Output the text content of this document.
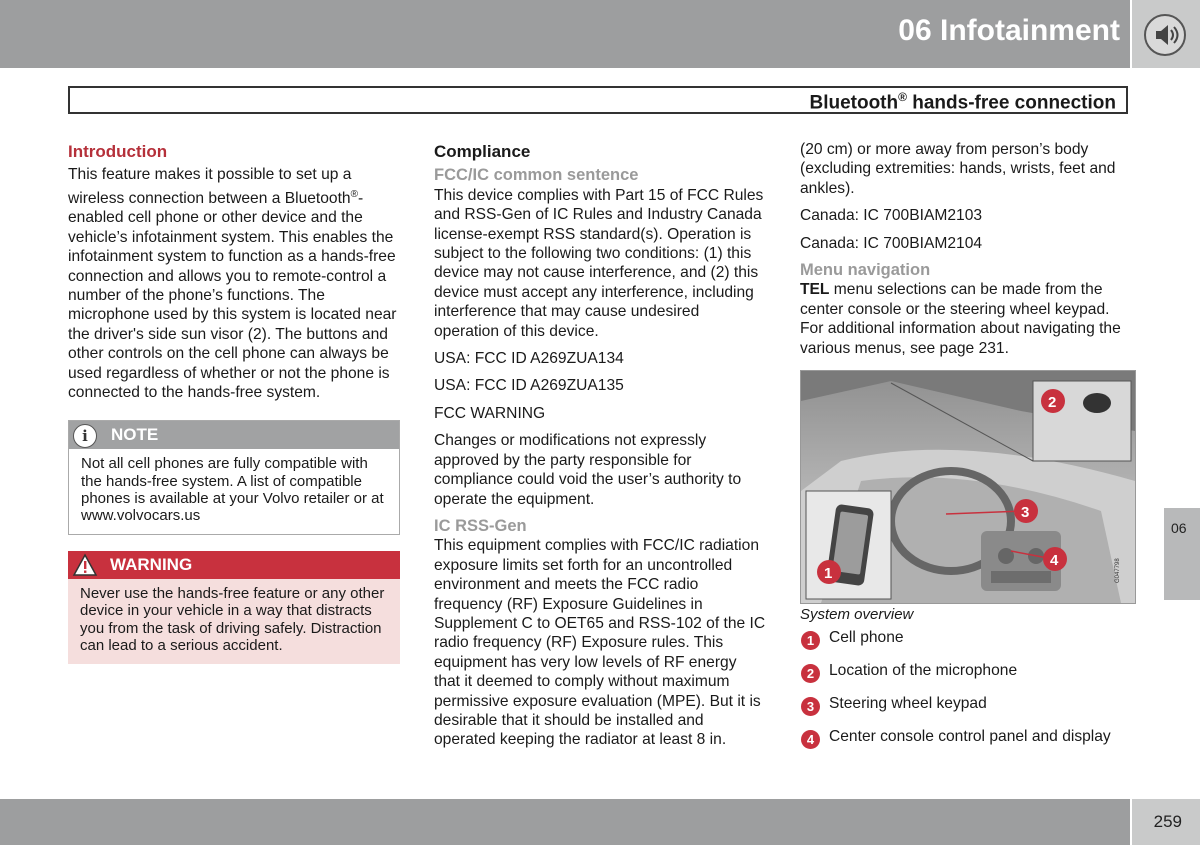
06 Infotainment
Bluetooth® hands-free connection
Introduction

This feature makes it possible to set up a wireless connection between a Bluetooth®-enabled cell phone or other device and the vehicle’s infotainment system. This enables the infotainment system to function as a hands-free connection and allows you to remote-control a number of the phone’s functions. The microphone used by this system is located near the driver's side sun visor (2). The buttons and other controls on the cell phone can always be used regardless of whether or not the phone is connected to the hands-free system.

i	NOTE
Not all cell phones are fully compatible with the hands-free system. A list of compatible phones is available at your Volvo retailer or at www.volvocars.us
WARNING
Never use the hands-free feature or any other device in your vehicle in a way that distracts you from the task of driving safely. Distraction can lead to a serious accident.
Compliance
FCC/IC common sentence

This device complies with Part 15 of FCC Rules and RSS-Gen of IC Rules and Industry Canada license-exempt RSS standard(s). Operation is subject to the following two conditions: (1) this device may not cause interference, and (2) this device must accept any interference, including interference that may cause undesired operation of this device.

USA: FCC ID A269ZUA134

USA: FCC ID A269ZUA135

FCC WARNING

Changes or modifications not expressly approved by the party responsible for compliance could void the user’s authority to operate the equipment.

IC RSS-Gen

This equipment complies with FCC/IC radiation exposure limits set forth for an uncontrolled environment and meets the FCC radio frequency (RF) Exposure Guidelines in Supplement C to OET65 and RSS-102 of the IC radio frequency (RF) Exposure rules. This equipment has very low levels of RF energy that it deemed to comply without maximum permissive exposure evaluation (MPE). But it is desirable that it should be installed and operated keeping the radiator at least 8 in.

(20 cm) or more away from person’s body (excluding extremities: hands, wrists, feet and ankles).

Canada: IC 700BIAM2103

Canada: IC 700BIAM2104

Menu navigation

TEL menu selections can be made from the center console or the steering wheel keypad. For additional information about navigating the various menus, see page 231.

1
2
3
4	G047798
System overview
1 Cell phone
2 Location of the microphone
3 Steering wheel keypad
4 Center console control panel and display
06
259
